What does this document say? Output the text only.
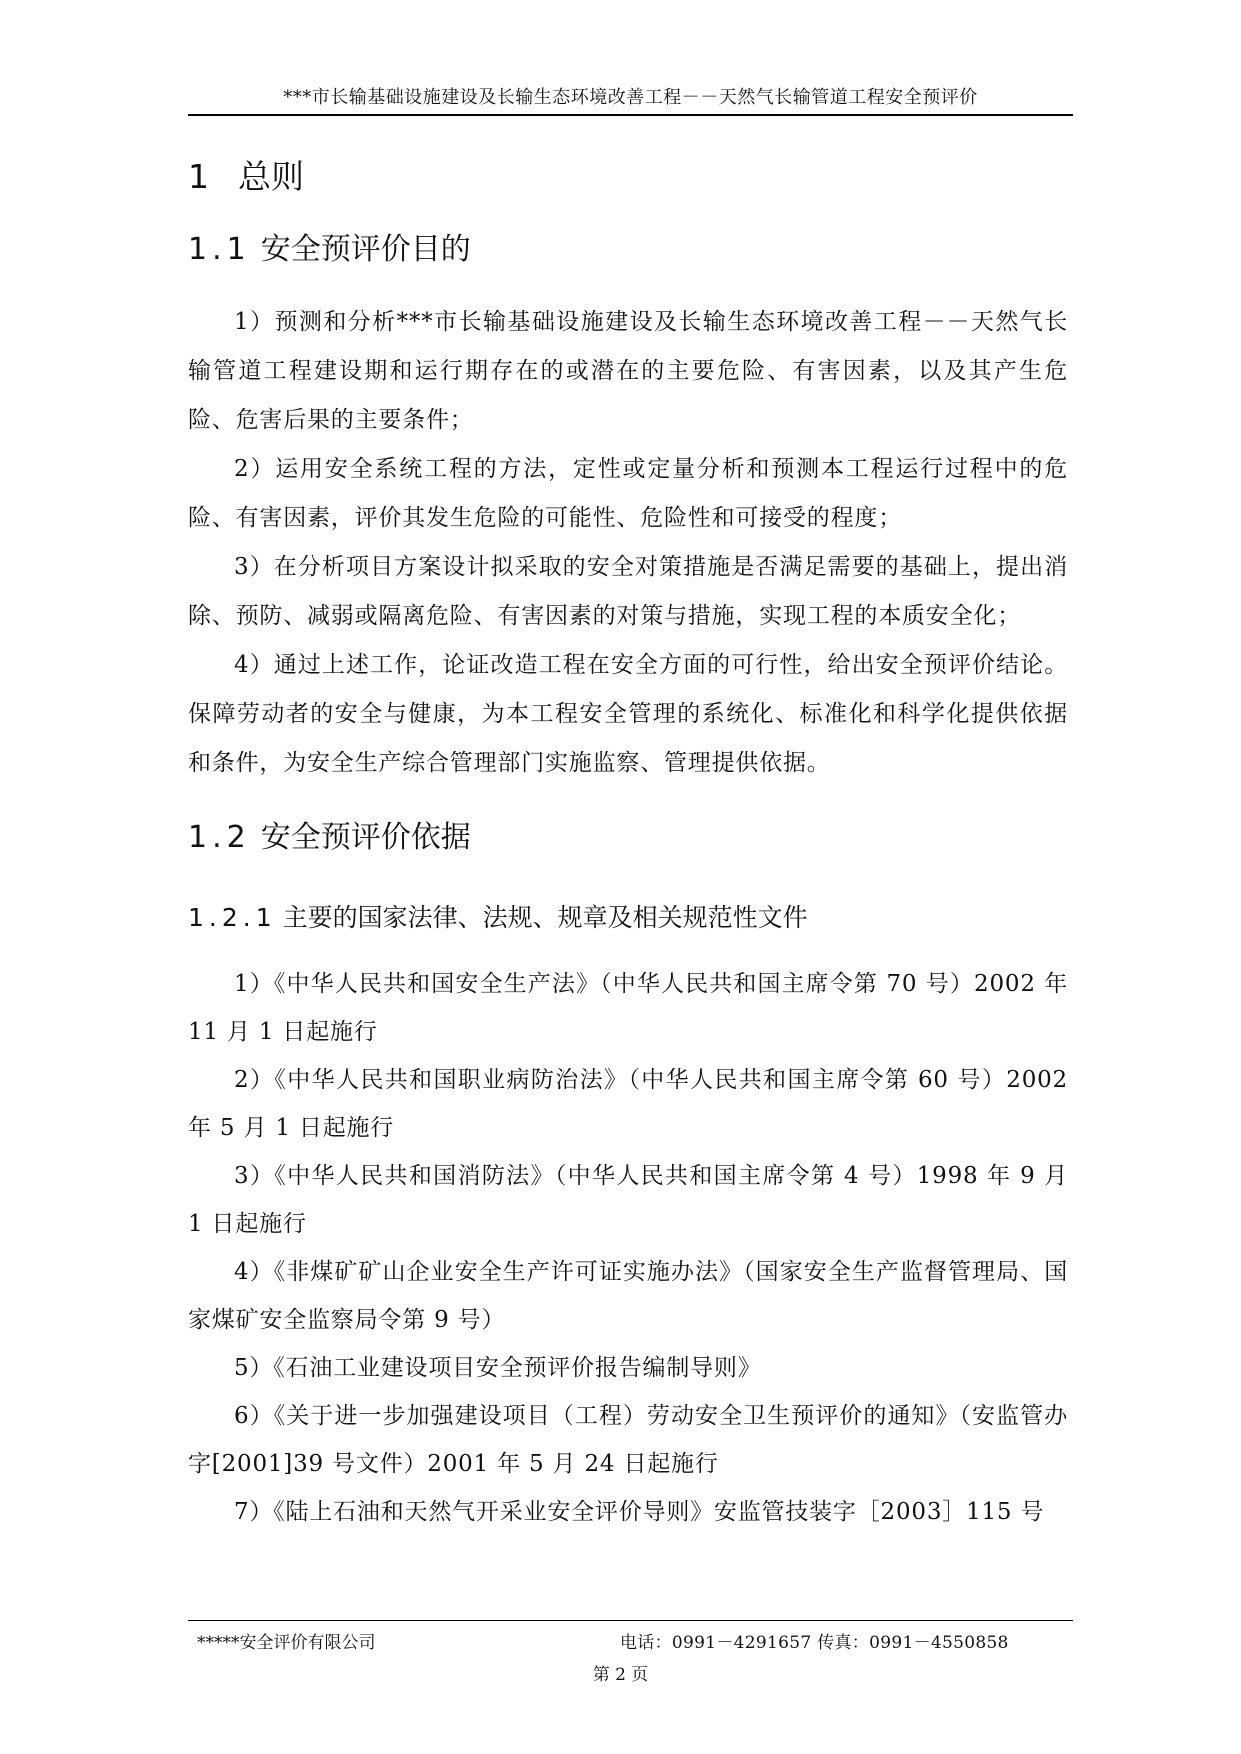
***市长输基础设施建设及长输生态环境改善工程－－天然气长输管道工程安全预评价
1 总则
1.1 安全预评价目的

1）预测和分析***市长输基础设施建设及长输生态环境改善工程－－天然气长输管道工程建设期和运行期存在的或潜在的主要危险、有害因素，以及其产生危险、危害后果的主要条件；

2）运用安全系统工程的方法，定性或定量分析和预测本工程运行过程中的危险、有害因素，评价其发生危险的可能性、危险性和可接受的程度；

3）在分析项目方案设计拟采取的安全对策措施是否满足需要的基础上，提出消除、预防、减弱或隔离危险、有害因素的对策与措施，实现工程的本质安全化；

4）通过上述工作，论证改造工程在安全方面的可行性，给出安全预评价结论。保障劳动者的安全与健康，为本工程安全管理的系统化、标准化和科学化提供依据和条件，为安全生产综合管理部门实施监察、管理提供依据。

1.2 安全预评价依据
1.2.1 主要的国家法律、法规、规章及相关规范性文件

1）《中华人民共和国安全生产法》（中华人民共和国主席令第 70 号）2002 年 11 月 1 日起施行

2）《中华人民共和国职业病防治法》（中华人民共和国主席令第 60 号）2002 年 5 月 1 日起施行

3）《中华人民共和国消防法》（中华人民共和国主席令第 4 号）1998 年 9 月 1 日起施行

4）《非煤矿矿山企业安全生产许可证实施办法》（国家安全生产监督管理局、国家煤矿安全监察局令第 9 号）

5）《石油工业建设项目安全预评价报告编制导则》

6）《关于进一步加强建设项目（工程）劳动安全卫生预评价的通知》（安监管办字[2001]39 号文件）2001 年 5 月 24 日起施行

7）《陆上石油和天然气开采业安全评价导则》安监管技装字［2003］115 号

*****安全评价有限公司	电话：0991－4291657 传真：0991－4550858
第 2 页
